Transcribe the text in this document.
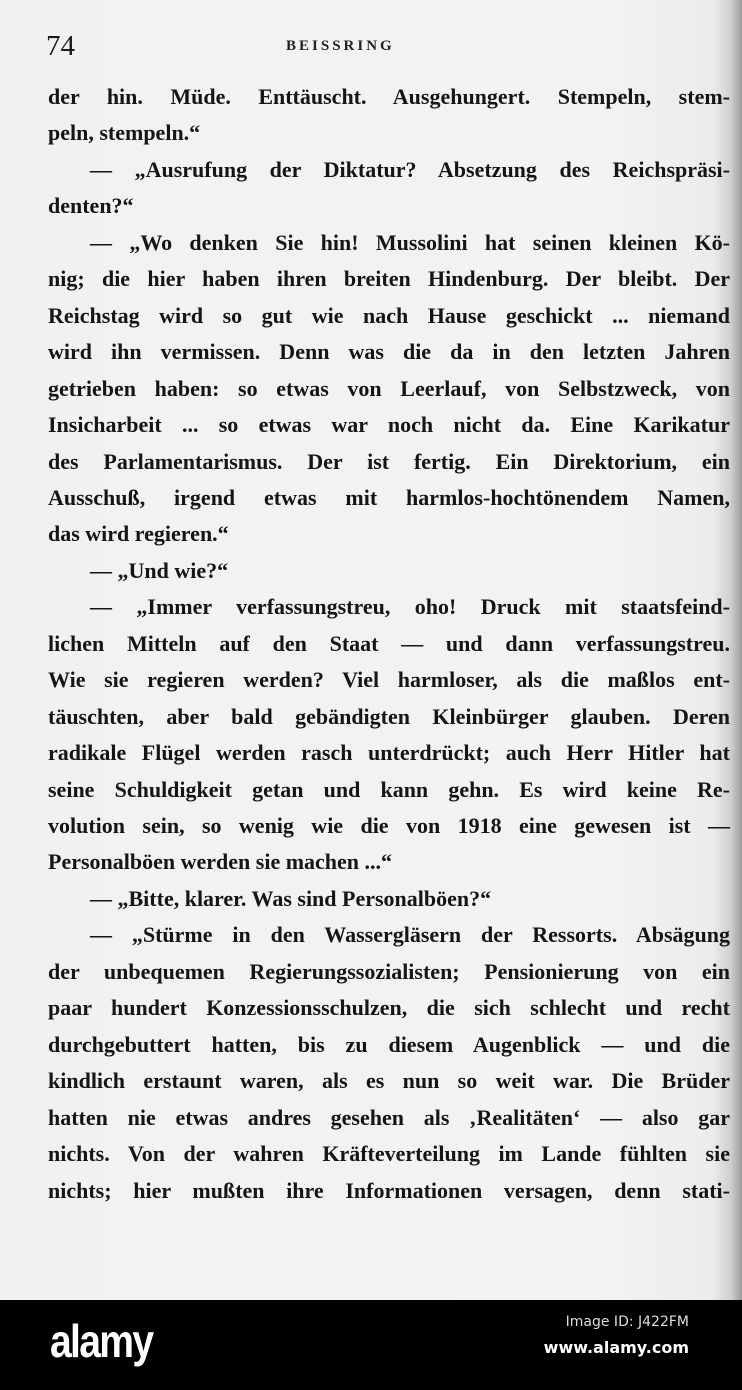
74	BEISSRING
der hin. Müde. Enttäuscht. Ausgehungert. Stempeln, stem-
peln, stempeln.“
— „Ausrufung der Diktatur? Absetzung des Reichspräsi-
denten?“
— „Wo denken Sie hin! Mussolini hat seinen kleinen Kö-
nig; die hier haben ihren breiten Hindenburg. Der bleibt. Der
Reichstag wird so gut wie nach Hause geschickt ... niemand
wird ihn vermissen. Denn was die da in den letzten Jahren
getrieben haben: so etwas von Leerlauf, von Selbstzweck, von
Insicharbeit ... so etwas war noch nicht da. Eine Karikatur
des Parlamentarismus. Der ist fertig. Ein Direktorium, ein
Ausschuß, irgend etwas mit harmlos-hochtönendem Namen,
das wird regieren.“
— „Und wie?“
— „Immer verfassungstreu, oho! Druck mit staatsfeind-
lichen Mitteln auf den Staat — und dann verfassungstreu.
Wie sie regieren werden? Viel harmloser, als die maßlos ent-
täuschten, aber bald gebändigten Kleinbürger glauben. Deren
radikale Flügel werden rasch unterdrückt; auch Herr Hitler hat
seine Schuldigkeit getan und kann gehn. Es wird keine Re-
volution sein, so wenig wie die von 1918 eine gewesen ist —
Personalböen werden sie machen ...“
— „Bitte, klarer. Was sind Personalböen?“
— „Stürme in den Wassergläsern der Ressorts. Absägung
der unbequemen Regierungssozialisten; Pensionierung von ein
paar hundert Konzessionsschulzen, die sich schlecht und recht
durchgebuttert hatten, bis zu diesem Augenblick — und die
kindlich erstaunt waren, als es nun so weit war. Die Brüder
hatten nie etwas andres gesehen als ‚Realitäten‘ — also gar
nichts. Von der wahren Kräfteverteilung im Lande fühlten sie
nichts; hier mußten ihre Informationen versagen, denn stati-
alamy	Image ID: J422FM
www.alamy.com
